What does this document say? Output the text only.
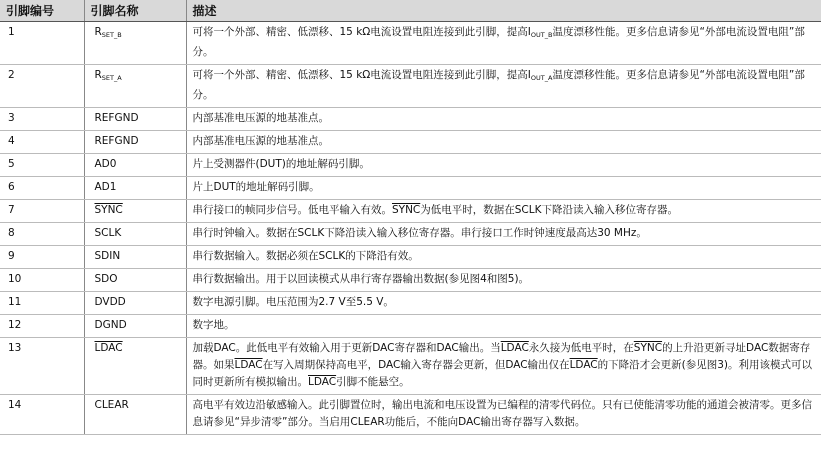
引脚编号	引脚名称	描述
1	$R_{SET\_B}$	可将一个外部、精密、低漂移、15 kΩ电流设置电阻连接到此引脚，提高$I_{OUT\_B}$温度漂移性能。更多信息请参见“外部电流设置电阻”部分。
2	$R_{SET\_A}$	可将一个外部、精密、低漂移、15 kΩ电流设置电阻连接到此引脚，提高$I_{OUT\_A}$温度漂移性能。更多信息请参见“外部电流设置电阻”部分。
3	REFGND	内部基准电压源的地基准点。
4	REFGND	内部基准电压源的地基准点。
5	AD0	片上受测器件(DUT)的地址解码引脚。
6	AD1	片上DUT的地址解码引脚。
7	SYNC	串行接口的帧同步信号。低电平输入有效。SYNC为低电平时，数据在SCLK下降沿读入输入移位寄存器。
8	SCLK	串行时钟输入。数据在SCLK下降沿读入输入移位寄存器。串行接口工作时钟速度最高达30 MHz。
9	SDIN	串行数据输入。数据必须在SCLK的下降沿有效。
10	SDO	串行数据输出。用于以回读模式从串行寄存器输出数据(参见图4和图5)。
11	DVDD	数字电源引脚。电压范围为2.7 V至5.5 V。
12	DGND	数字地。
13	LDAC	加载DAC。此低电平有效输入用于更新DAC寄存器和DAC输出。当LDAC永久接为低电平时，在SYNC的上升沿更新寻址DAC数据寄存器。如果LDAC在写入周期保持高电平，DAC输入寄存器会更新，但DAC输出仅在LDAC的下降沿才会更新(参见图3)。利用该模式可以同时更新所有模拟输出。LDAC引脚不能悬空。
14	CLEAR	高电平有效边沿敏感输入。此引脚置位时，输出电流和电压设置为已编程的清零代码位。只有已使能清零功能的通道会被清零。更多信息请参见“异步清零”部分。当启用CLEAR功能后，不能向DAC输出寄存器写入数据。
